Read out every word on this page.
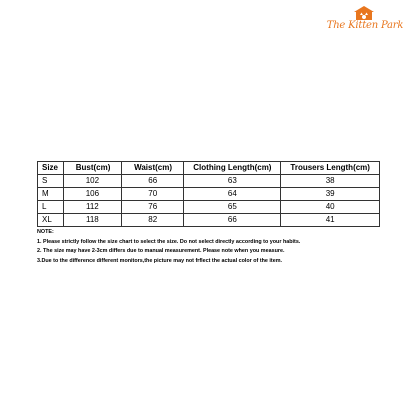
The Kitten Park
Size	Bust(cm)	Waist(cm)	Clothing Length(cm)	Trousers Length(cm)
S	102	66	63	38
M	106	70	64	39
L	112	76	65	40
XL	118	82	66	41
NOTE:
1. Please strictly follow the size chart to select the size. Do not select directly according to your habits.
2. The size may have 2-3cm differs due to manual measurement. Please note when you measure.
3.Due to the difference different monitors,the picture may not frflect the actual color of the item.
